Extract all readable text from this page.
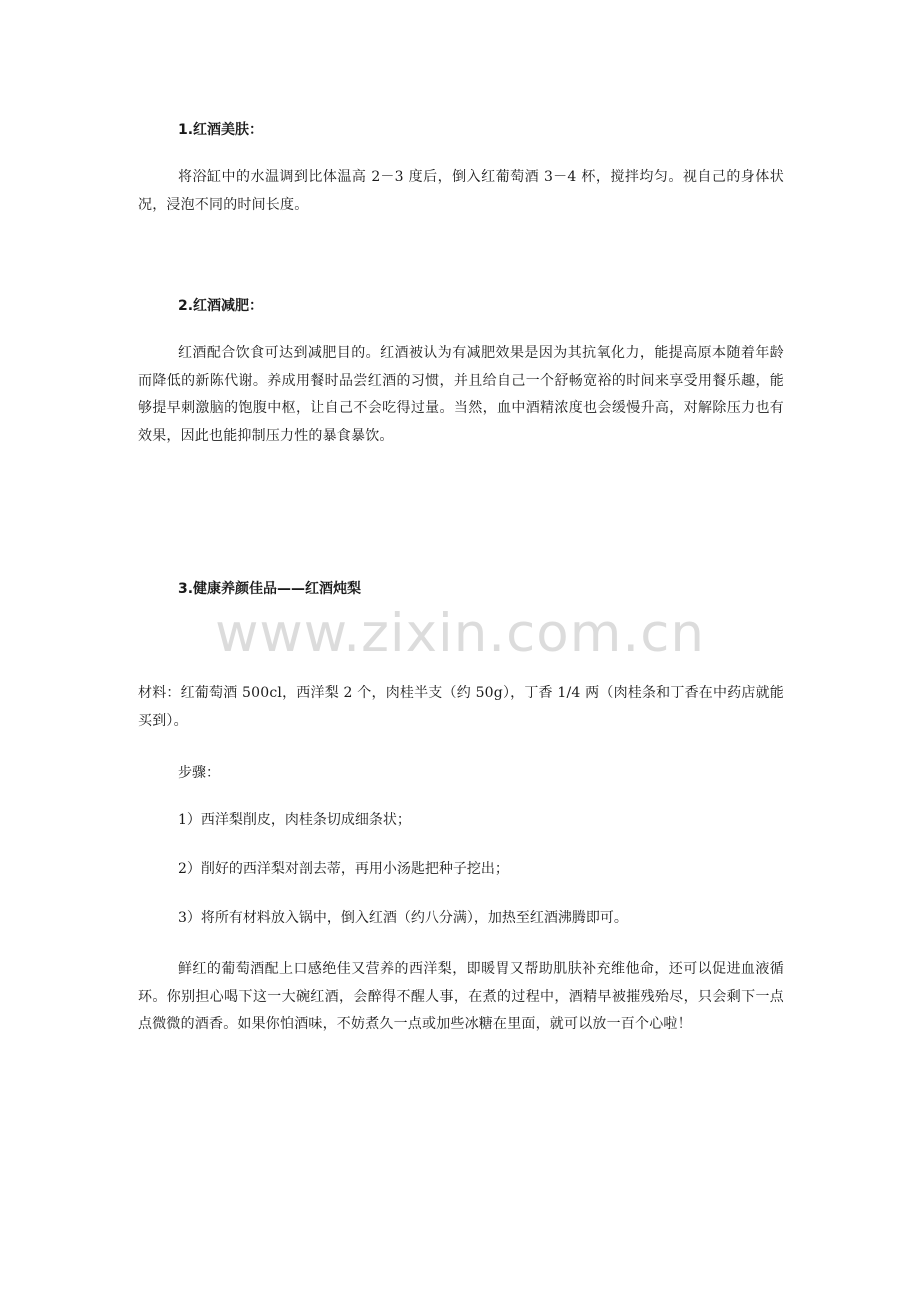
www.zixin.com.cn
1.红酒美肤：
将浴缸中的水温调到比体温高 2－3 度后，倒入红葡萄酒 3－4 杯，搅拌均匀。视自己的身体状况，浸泡不同的时间长度。
2.红酒减肥：
红酒配合饮食可达到减肥目的。红酒被认为有减肥效果是因为其抗氧化力，能提高原本随着年龄而降低的新陈代谢。养成用餐时品尝红酒的习惯，并且给自己一个舒畅宽裕的时间来享受用餐乐趣，能够提早刺激脑的饱腹中枢，让自己不会吃得过量。当然，血中酒精浓度也会缓慢升高，对解除压力也有效果，因此也能抑制压力性的暴食暴饮。
3.健康养颜佳品——红酒炖梨
材料：红葡萄酒 500cl，西洋梨 2 个，肉桂半支（约 50g），丁香 1/4 两（肉桂条和丁香在中药店就能买到）。
步骤：
1）西洋梨削皮，肉桂条切成细条状；
2）削好的西洋梨对剖去蒂，再用小汤匙把种子挖出；
3）将所有材料放入锅中，倒入红酒（约八分满），加热至红酒沸腾即可。
鲜红的葡萄酒配上口感绝佳又营养的西洋梨，即暖胃又帮助肌肤补充维他命，还可以促进血液循环。你别担心喝下这一大碗红酒，会醉得不醒人事，在煮的过程中，酒精早被摧残殆尽，只会剩下一点点微微的酒香。如果你怕酒味，不妨煮久一点或加些冰糖在里面，就可以放一百个心啦！
